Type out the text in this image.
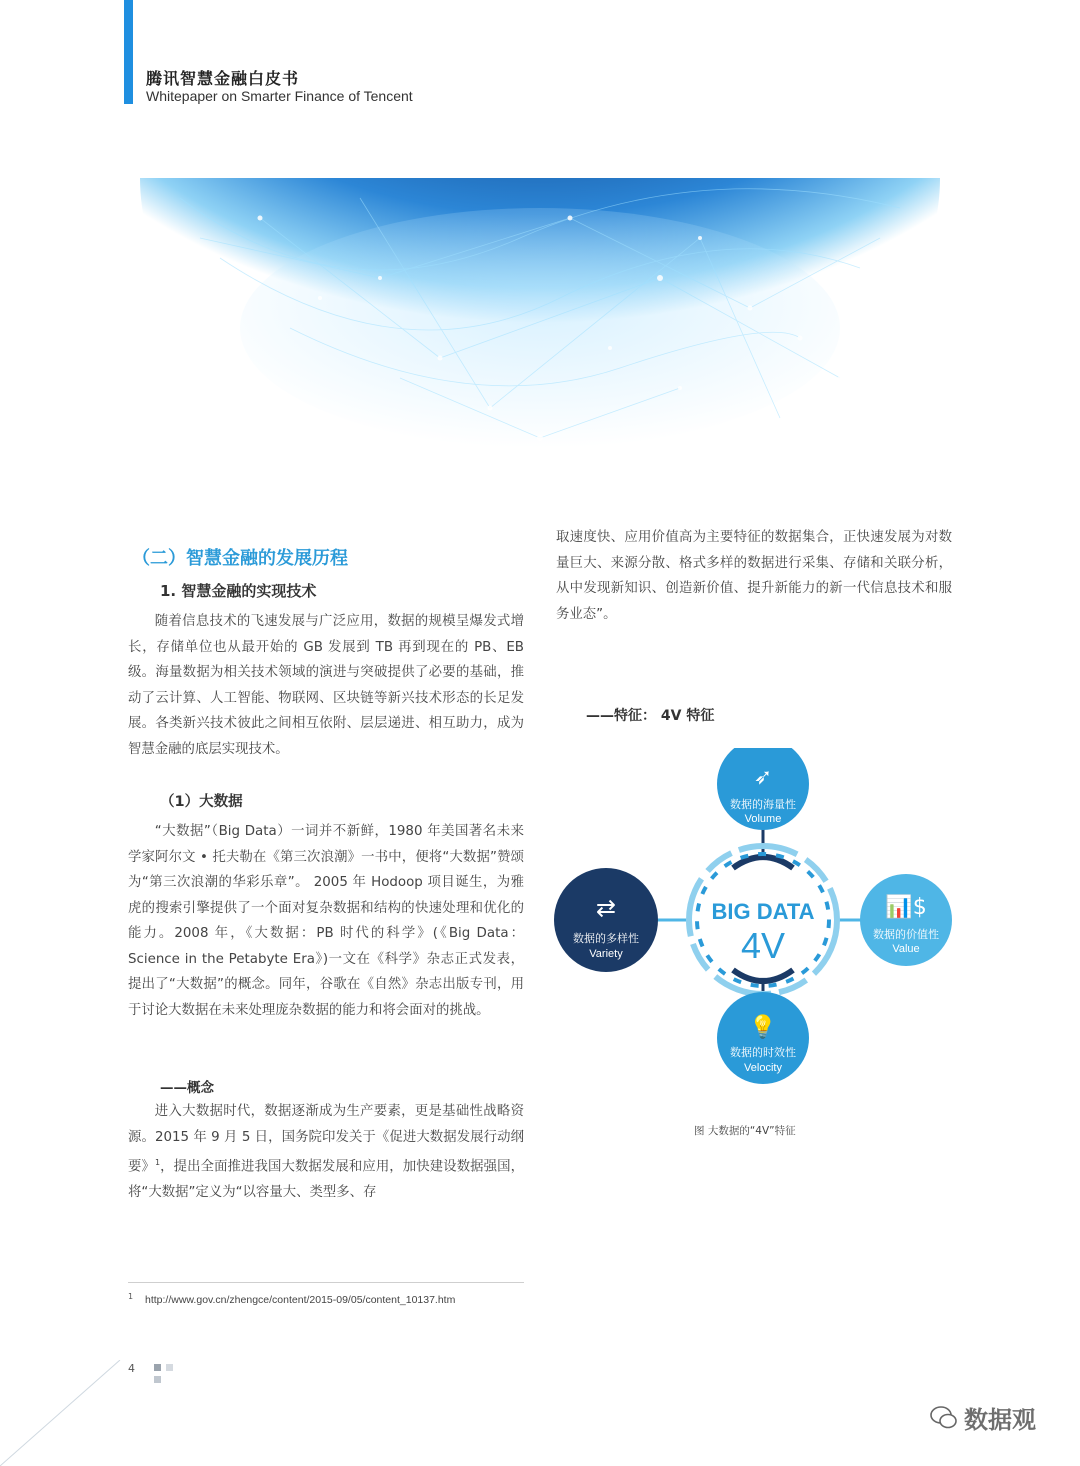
腾讯智慧金融白皮书
Whitepaper on Smarter Finance of Tencent
（二）智慧金融的发展历程
1. 智慧金融的实现技术

随着信息技术的飞速发展与广泛应用，数据的规模呈爆发式增长，存储单位也从最开始的 GB 发展到 TB 再到现在的 PB、EB 级。海量数据为相关技术领域的演进与突破提供了必要的基础，推动了云计算、人工智能、物联网、区块链等新兴技术形态的长足发展。各类新兴技术彼此之间相互依附、层层递进、相互助力，成为智慧金融的底层实现技术。

（1）大数据

“大数据”（Big Data）一词并不新鲜，1980 年美国著名未来学家阿尔文 • 托夫勒在《第三次浪潮》一书中，便将“大数据”赞颂为“第三次浪潮的华彩乐章”。 2005 年 Hodoop 项目诞生，为雅虎的搜索引擎提供了一个面对复杂数据和结构的快速处理和优化的能力。2008 年，《大数据：PB 时代的科学》(《Big Data：Science in the Petabyte Era》)一文在《科学》杂志正式发表，提出了“大数据”的概念。同年，谷歌在《自然》杂志出版专刊，用于讨论大数据在未来处理庞杂数据的能力和将会面对的挑战。

——概念

进入大数据时代，数据逐渐成为生产要素，更是基础性战略资源。2015 年 9 月 5 日，国务院印发关于《促进大数据发展行动纲要》$^1$，提出全面推进我国大数据发展和应用，加快建设数据强国，将“大数据”定义为“以容量大、类型多、存

取速度快、应用价值高为主要特征的数据集合，正快速发展为对数量巨大、来源分散、格式多样的数据进行采集、存储和关联分析，从中发现新知识、创造新价值、提升新能力的新一代信息技术和服务业态”。

——特征： 4V 特征
BIG DATA
4V
➶
数据的海量性
Volume
⇄
数据的多样性
Variety
📊$
数据的价值性
Value
💡
数据的时效性
Velocity
图 大数据的“4V”特征
1 http://www.gov.cn/zhengce/content/2015-09/05/content_10137.htm
4
数据观
